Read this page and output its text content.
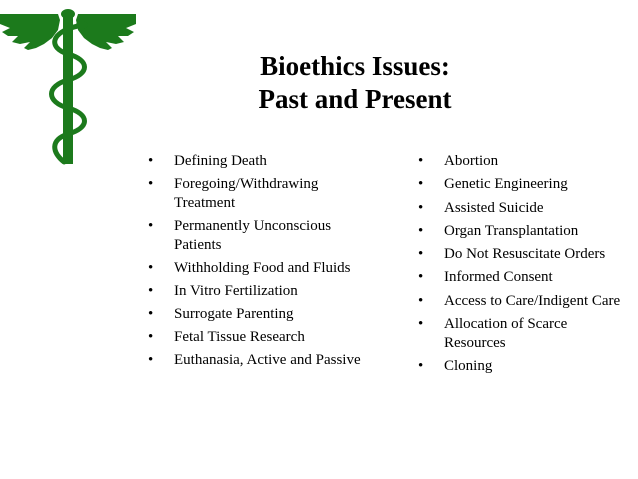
Bioethics Issues:
Past and Present
• Defining Death
• Foregoing/Withdrawing Treatment
• Permanently Unconscious Patients
• Withholding Food and Fluids
• In Vitro Fertilization
• Surrogate Parenting
• Fetal Tissue Research
• Euthanasia, Active and Passive
• Abortion
• Genetic Engineering
• Assisted Suicide
• Organ Transplantation
• Do Not Resuscitate Orders
• Informed Consent
• Access to Care/Indigent Care
• Allocation of Scarce Resources
• Cloning
